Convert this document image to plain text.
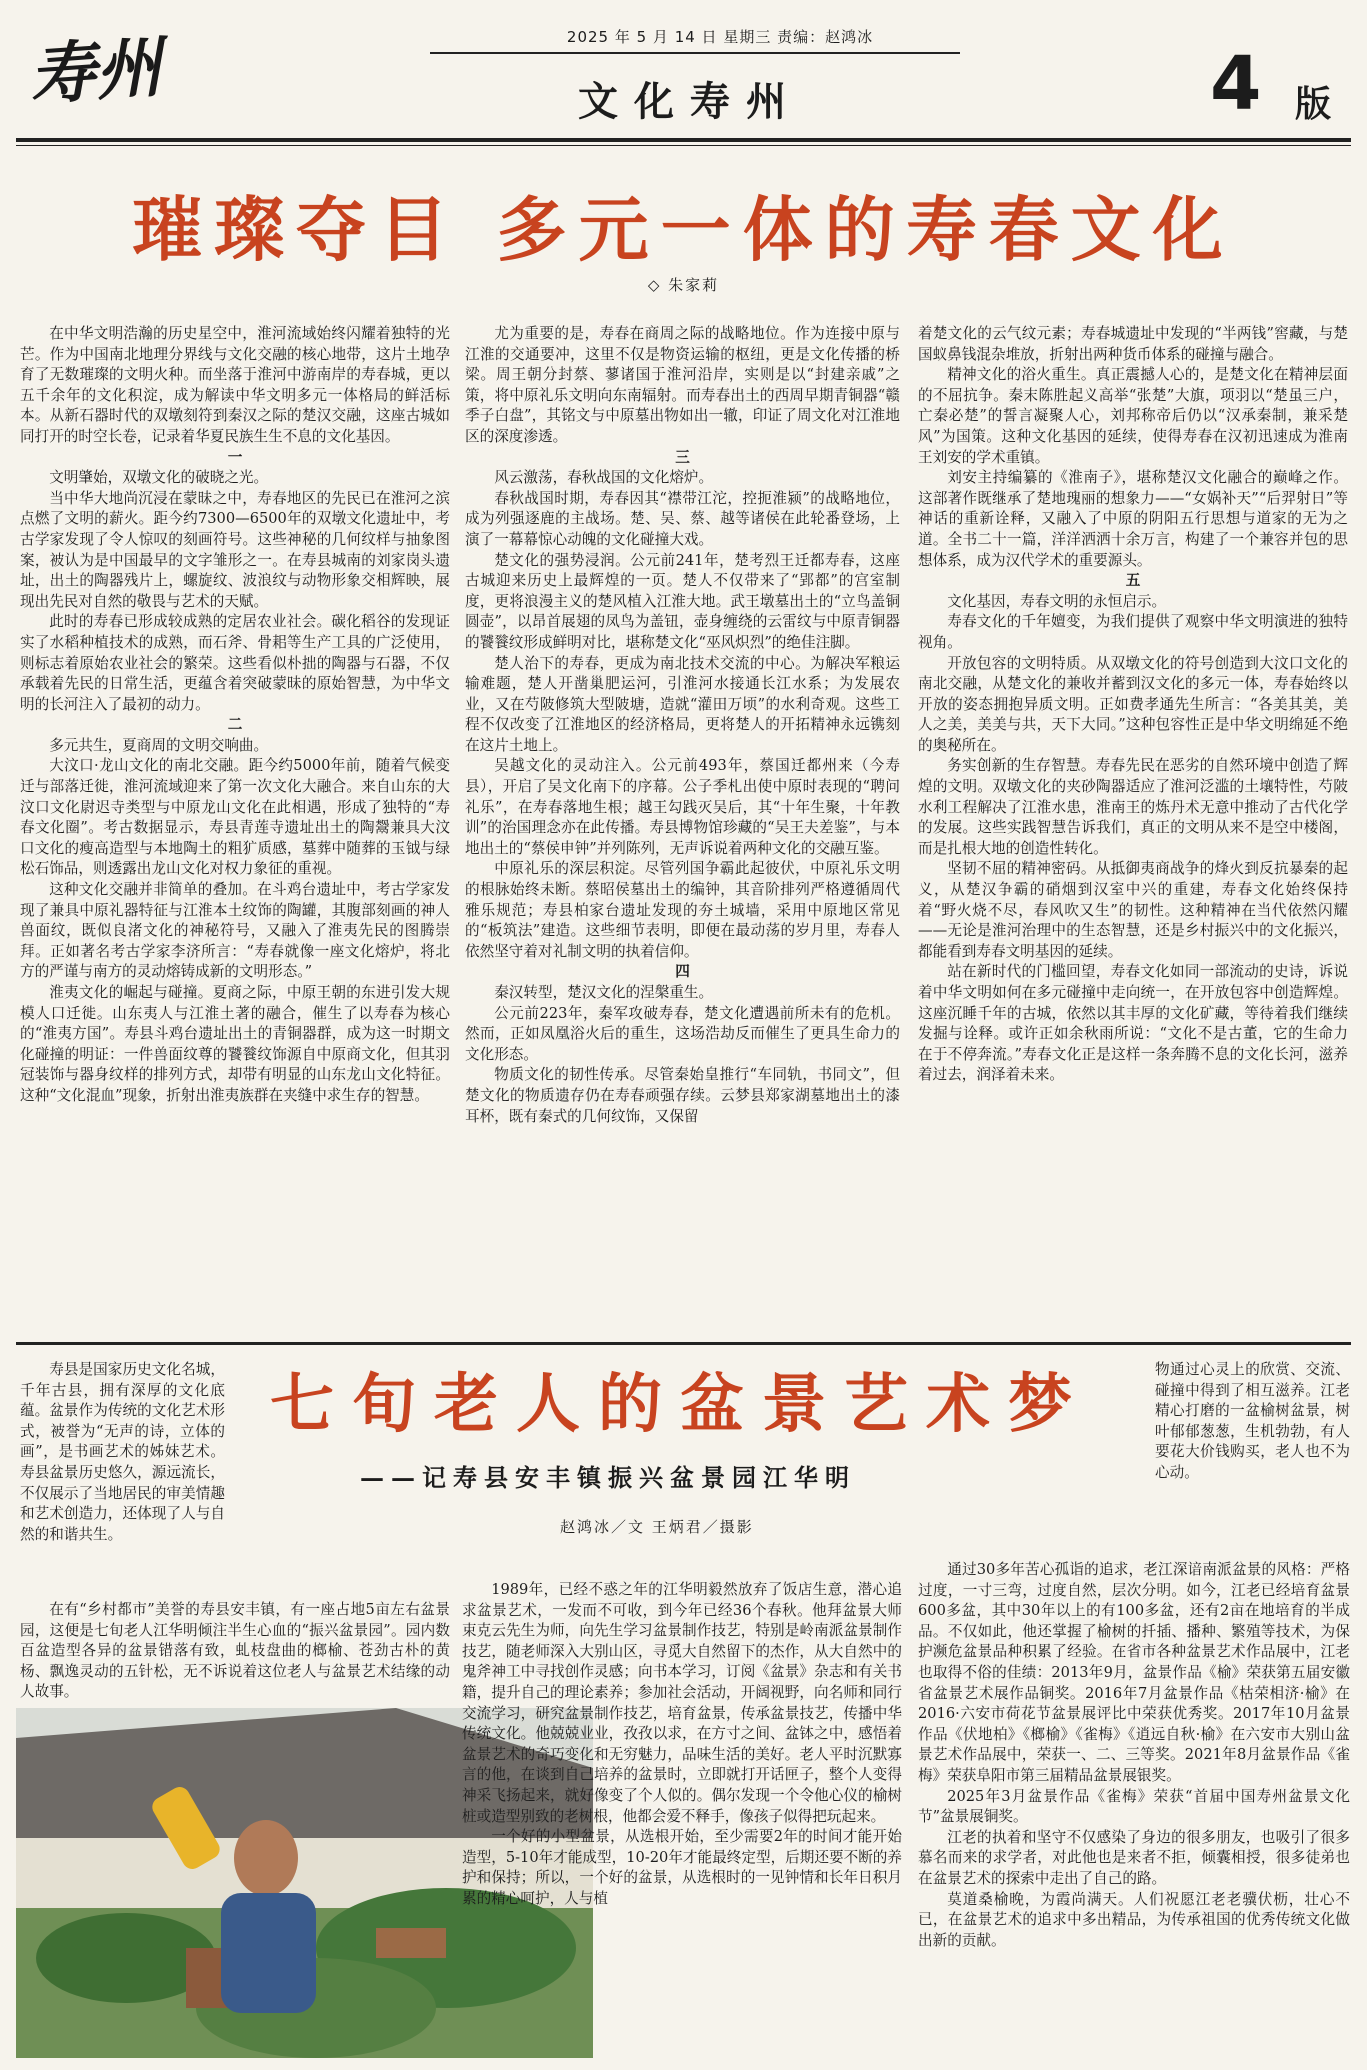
寿州	2025 年 5 月 14 日 星期三 责编：赵鸿冰
文化寿州	4 版
璀璨夺目 多元一体的寿春文化
◇ 朱家莉

在中华文明浩瀚的历史星空中，淮河流域始终闪耀着独特的光芒。作为中国南北地理分界线与文化交融的核心地带，这片土地孕育了无数璀璨的文明火种。而坐落于淮河中游南岸的寿春城，更以五千余年的文化积淀，成为解读中华文明多元一体格局的鲜活标本。从新石器时代的双墩刻符到秦汉之际的楚汉交融，这座古城如同打开的时空长卷，记录着华夏民族生生不息的文化基因。

一

文明肇始，双墩文化的破晓之光。

当中华大地尚沉浸在蒙昧之中，寿春地区的先民已在淮河之滨点燃了文明的薪火。距今约7300—6500年的双墩文化遗址中，考古学家发现了令人惊叹的刻画符号。这些神秘的几何纹样与抽象图案，被认为是中国最早的文字雏形之一。在寿县城南的刘家岗头遗址，出土的陶器残片上，螺旋纹、波浪纹与动物形象交相辉映，展现出先民对自然的敬畏与艺术的天赋。

此时的寿春已形成较成熟的定居农业社会。碳化稻谷的发现证实了水稻种植技术的成熟，而石斧、骨耜等生产工具的广泛使用，则标志着原始农业社会的繁荣。这些看似朴拙的陶器与石器，不仅承载着先民的日常生活，更蕴含着突破蒙昧的原始智慧，为中华文明的长河注入了最初的动力。

二

多元共生，夏商周的文明交响曲。

大汶口·龙山文化的南北交融。距今约5000年前，随着气候变迁与部落迁徙，淮河流域迎来了第一次文化大融合。来自山东的大汶口文化尉迟寺类型与中原龙山文化在此相遇，形成了独特的“寿春文化圈”。考古数据显示，寿县青莲寺遗址出土的陶鬶兼具大汶口文化的瘦高造型与本地陶土的粗犷质感，墓葬中随葬的玉钺与绿松石饰品，则透露出龙山文化对权力象征的重视。

这种文化交融并非简单的叠加。在斗鸡台遗址中，考古学家发现了兼具中原礼器特征与江淮本土纹饰的陶罐，其腹部刻画的神人兽面纹，既似良渚文化的神秘符号，又融入了淮夷先民的图腾崇拜。正如著名考古学家李济所言：“寿春就像一座文化熔炉，将北方的严谨与南方的灵动熔铸成新的文明形态。”

淮夷文化的崛起与碰撞。夏商之际，中原王朝的东进引发大规模人口迁徙。山东夷人与江淮土著的融合，催生了以寿春为核心的“淮夷方国”。寿县斗鸡台遗址出土的青铜器群，成为这一时期文化碰撞的明证：一件兽面纹尊的饕餮纹饰源自中原商文化，但其羽冠装饰与器身纹样的排列方式，却带有明显的山东龙山文化特征。这种“文化混血”现象，折射出淮夷族群在夹缝中求生存的智慧。

尤为重要的是，寿春在商周之际的战略地位。作为连接中原与江淮的交通要冲，这里不仅是物资运输的枢纽，更是文化传播的桥梁。周王朝分封蔡、蓼诸国于淮河沿岸，实则是以“封建亲戚”之策，将中原礼乐文明向东南辐射。而寿春出土的西周早期青铜器“赣季子白盘”，其铭文与中原墓出物如出一辙，印证了周文化对江淮地区的深度渗透。

三

风云激荡，春秋战国的文化熔炉。

春秋战国时期，寿春因其“襟带江沱，控扼淮颍”的战略地位，成为列强逐鹿的主战场。楚、吴、蔡、越等诸侯在此轮番登场，上演了一幕幕惊心动魄的文化碰撞大戏。

楚文化的强势浸润。公元前241年，楚考烈王迁都寿春，这座古城迎来历史上最辉煌的一页。楚人不仅带来了“郢都”的宫室制度，更将浪漫主义的楚风植入江淮大地。武王墩墓出土的“立鸟盖铜圆壶”，以昂首展翅的凤鸟为盖钮，壶身缠绕的云雷纹与中原青铜器的饕餮纹形成鲜明对比，堪称楚文化“巫风炽烈”的绝佳注脚。

楚人治下的寿春，更成为南北技术交流的中心。为解决军粮运输难题，楚人开凿巢肥运河，引淮河水接通长江水系；为发展农业，又在芍陂修筑大型陂塘，造就“灌田万顷”的水利奇观。这些工程不仅改变了江淮地区的经济格局，更将楚人的开拓精神永远镌刻在这片土地上。

吴越文化的灵动注入。公元前493年，蔡国迁都州来（今寿县），开启了吴文化南下的序幕。公子季札出使中原时表现的“聘问礼乐”，在寿春落地生根；越王勾践灭吴后，其“十年生聚，十年教训”的治国理念亦在此传播。寿县博物馆珍藏的“吴王夫差鉴”，与本地出土的“蔡侯申钟”并列陈列，无声诉说着两种文化的交融互鉴。

中原礼乐的深层积淀。尽管列国争霸此起彼伏，中原礼乐文明的根脉始终未断。蔡昭侯墓出土的编钟，其音阶排列严格遵循周代雅乐规范；寿县柏家台遗址发现的夯土城墙，采用中原地区常见的“板筑法”建造。这些细节表明，即便在最动荡的岁月里，寿春人依然坚守着对礼制文明的执着信仰。

四

秦汉转型，楚汉文化的涅槃重生。

公元前223年，秦军攻破寿春，楚文化遭遇前所未有的危机。然而，正如凤凰浴火后的重生，这场浩劫反而催生了更具生命力的文化形态。

物质文化的韧性传承。尽管秦始皇推行“车同轨，书同文”，但楚文化的物质遗存仍在寿春顽强存续。云梦县郑家湖墓地出土的漆耳杯，既有秦式的几何纹饰，又保留

着楚文化的云气纹元素；寿春城遗址中发现的“半两钱”窖藏，与楚国蚁鼻钱混杂堆放，折射出两种货币体系的碰撞与融合。

精神文化的浴火重生。真正震撼人心的，是楚文化在精神层面的不屈抗争。秦末陈胜起义高举“张楚”大旗，项羽以“楚虽三户，亡秦必楚”的誓言凝聚人心，刘邦称帝后仍以“汉承秦制，兼采楚风”为国策。这种文化基因的延续，使得寿春在汉初迅速成为淮南王刘安的学术重镇。

刘安主持编纂的《淮南子》，堪称楚汉文化融合的巅峰之作。这部著作既继承了楚地瑰丽的想象力——“女娲补天”“后羿射日”等神话的重新诠释，又融入了中原的阴阳五行思想与道家的无为之道。全书二十一篇，洋洋洒洒十余万言，构建了一个兼容并包的思想体系，成为汉代学术的重要源头。

五

文化基因，寿春文明的永恒启示。

寿春文化的千年嬗变，为我们提供了观察中华文明演进的独特视角。

开放包容的文明特质。从双墩文化的符号创造到大汶口文化的南北交融，从楚文化的兼收并蓄到汉文化的多元一体，寿春始终以开放的姿态拥抱异质文明。正如费孝通先生所言：“各美其美，美人之美，美美与共，天下大同。”这种包容性正是中华文明绵延不绝的奥秘所在。

务实创新的生存智慧。寿春先民在恶劣的自然环境中创造了辉煌的文明。双墩文化的夹砂陶器适应了淮河泛滥的土壤特性，芍陂水利工程解决了江淮水患，淮南王的炼丹术无意中推动了古代化学的发展。这些实践智慧告诉我们，真正的文明从来不是空中楼阁，而是扎根大地的创造性转化。

坚韧不屈的精神密码。从抵御夷商战争的烽火到反抗暴秦的起义，从楚汉争霸的硝烟到汉室中兴的重建，寿春文化始终保持着“野火烧不尽，春风吹又生”的韧性。这种精神在当代依然闪耀——无论是淮河治理中的生态智慧，还是乡村振兴中的文化振兴，都能看到寿春文明基因的延续。

站在新时代的门槛回望，寿春文化如同一部流动的史诗，诉说着中华文明如何在多元碰撞中走向统一，在开放包容中创造辉煌。这座沉睡千年的古城，依然以其丰厚的文化矿藏，等待着我们继续发掘与诠释。或许正如余秋雨所说：“文化不是古董，它的生命力在于不停奔流。”寿春文化正是这样一条奔腾不息的文化长河，滋养着过去，润泽着未来。

寿县是国家历史文化名城，千年古县，拥有深厚的文化底蕴。盆景作为传统的文化艺术形式，被誉为“无声的诗，立体的画”，是书画艺术的姊妹艺术。寿县盆景历史悠久，源远流长，不仅展示了当地居民的审美情趣和艺术创造力，还体现了人与自然的和谐共生。

七旬老人的盆景艺术梦
——记寿县安丰镇振兴盆景园江华明
赵鸿冰／文 王炳君／摄影

物通过心灵上的欣赏、交流、碰撞中得到了相互滋养。江老精心打磨的一盆榆树盆景，树叶郁郁葱葱，生机勃勃，有人要花大价钱购买，老人也不为心动。

在有“乡村都市”美誉的寿县安丰镇，有一座占地5亩左右盆景园，这便是七旬老人江华明倾注半生心血的“振兴盆景园”。园内数百盆造型各异的盆景错落有致，虬枝盘曲的榔榆、苍劲古朴的黄杨、飘逸灵动的五针松，无不诉说着这位老人与盆景艺术结缘的动人故事。

1989年，已经不惑之年的江华明毅然放弃了饭店生意，潜心追求盆景艺术，一发而不可收，到今年已经36个春秋。他拜盆景大师束克云先生为师，向先生学习盆景制作技艺，特别是岭南派盆景制作技艺，随老师深入大别山区，寻觅大自然留下的杰作，从大自然中的鬼斧神工中寻找创作灵感；向书本学习，订阅《盆景》杂志和有关书籍，提升自己的理论素养；参加社会活动，开阔视野，向名师和同行交流学习，研究盆景制作技艺，培育盆景，传承盆景技艺，传播中华传统文化。他兢兢业业，孜孜以求，在方寸之间、盆钵之中，感悟着盆景艺术的奇巧变化和无穷魅力，品味生活的美好。老人平时沉默寡言的他，在谈到自己培养的盆景时，立即就打开话匣子，整个人变得神采飞扬起来，就好像变了个人似的。偶尔发现一个令他心仪的榆树桩或造型别致的老树根，他都会爱不释手，像孩子似得把玩起来。

一个好的小型盆景，从选根开始，至少需要2年的时间才能开始造型，5-10年才能成型，10-20年才能最终定型，后期还要不断的养护和保持；所以，一个好的盆景，从选根时的一见钟情和长年日积月累的精心呵护，人与植

通过30多年苦心孤诣的追求，老江深谙南派盆景的风格：严格过度，一寸三弯，过度自然，层次分明。如今，江老已经培育盆景600多盆，其中30年以上的有100多盆，还有2亩在地培育的半成品。不仅如此，他还掌握了榆树的扦插、播种、繁殖等技术，为保护濒危盆景品种积累了经验。在省市各种盆景艺术作品展中，江老也取得不俗的佳绩：2013年9月，盆景作品《榆》荣获第五届安徽省盆景艺术展作品铜奖。2016年7月盆景作品《枯荣相济·榆》在2016·六安市荷花节盆景展评比中荣获优秀奖。2017年10月盆景作品《伏地柏》《榔榆》《雀梅》《逍远自秋·榆》在六安市大别山盆景艺术作品展中，荣获一、二、三等奖。2021年8月盆景作品《雀梅》荣获阜阳市第三届精品盆景展银奖。

2025年3月盆景作品《雀梅》荣获“首届中国寿州盆景文化节”盆景展铜奖。

江老的执着和坚守不仅感染了身边的很多朋友，也吸引了很多慕名而来的求学者，对此他也是来者不拒，倾囊相授，很多徒弟也在盆景艺术的探索中走出了自己的路。

莫道桑榆晚，为霞尚满天。人们祝愿江老老骥伏枥，壮心不已，在盆景艺术的追求中多出精品，为传承祖国的优秀传统文化做出新的贡献。
